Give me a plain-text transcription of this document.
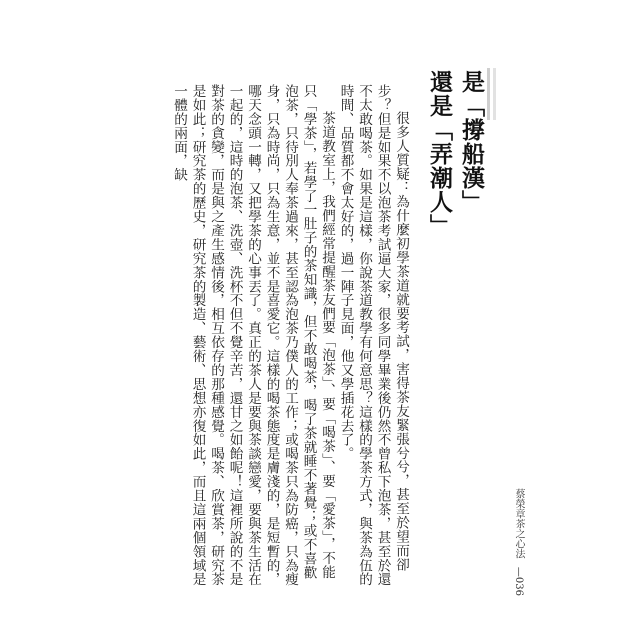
蔡榮章
茶之心法
—
036
是「撐船漢」
還是「弄潮人」

很多人質疑：為什麼初學茶道就要考試，害得茶友緊張兮兮，甚至於望而卻步？但是如果不以泡茶考試逼大家，很多同學畢業後仍然不曾私下泡茶，甚至於還不太敢喝茶。如果是這樣，你說茶道教學有何意思？這樣的學茶方式，與茶為伍的時間、品質都不會太好的，過一陣子見面，他又學插花去了。

茶道教室上，我們經常提醒茶友們要「泡茶」、要「喝茶」、要「愛茶」，不能只「學茶」，若學了一肚子的茶知識，但不敢喝茶，喝了茶就睡不著覺；或不喜歡泡茶，只待別人奉茶過來，甚至認為泡茶乃僕人的工作；或喝茶只為防癌，只為瘦身，只為時尚，只為生意，並不是喜愛它。這樣的喝茶態度是膚淺的，是短暫的，哪天念頭一轉，又把學茶的心事丟了。真正的茶人是要與茶談戀愛，要與茶生活在一起的，這時的泡茶、洗壺、洗杯不但不覺辛苦，還甘之如飴呢！這裡所說的不是對茶的貪變，而是與之產生感情後，相互依存的那種感覺。喝茶、欣賞茶，研究茶是如此；研究茶的歷史，研究茶的製造、藝術、思想亦復如此，而且這兩個領域是一體的兩面，缺
